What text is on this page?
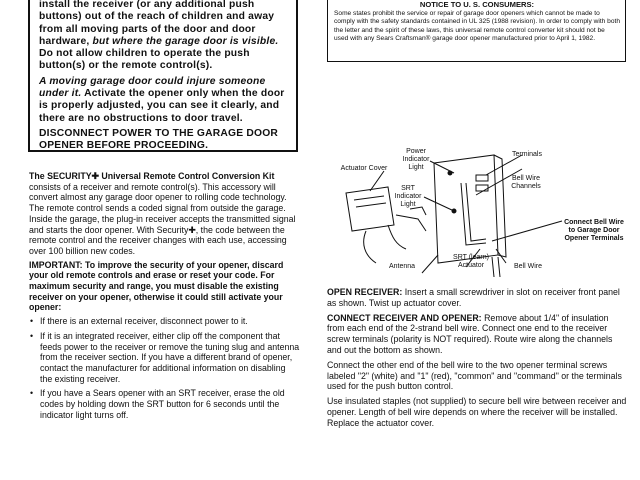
install the receiver (or any additional push buttons) out of the reach of children and away from all moving parts of the door and door hardware, but where the garage door is visible. Do not allow children to operate the push button(s) or the remote control(s).

A moving garage door could injure someone under it. Activate the opener only when the door is properly adjusted, you can see it clearly, and there are no obstructions to door travel.

DISCONNECT POWER TO THE GARAGE DOOR OPENER BEFORE PROCEEDING.

NOTICE TO U. S. CONSUMERS:

Some states prohibit the service or repair of garage door openers which cannot be made to comply with the safety standards contained in UL 325 (1988 revision). In order to comply with both the letter and the spirit of these laws, this universal remote control converter kit should not be used with any Sears Craftsman® garage door opener manufactured prior to April 1, 1982.

The SECURITY✚ Universal Remote Control Conversion Kit consists of a receiver and remote control(s). This accessory will convert almost any garage door opener to rolling code technology. The remote control sends a coded signal from outside the garage. Inside the garage, the plug-in receiver accepts the transmitted signal and starts the door opener. With Security✚, the code between the remote control and the receiver changes with each use, accessing over 100 billion new codes.

IMPORTANT: To improve the security of your opener, discard your old remote controls and erase or reset your code. For maximum security and range, you must disable the existing receiver on your opener, otherwise it could still activate your opener:

• If there is an external receiver, disconnect power to it.
• If it is an integrated receiver, either clip off the component that feeds power to the receiver or remove the tuning slug and antenna from the receiver section. If you have a different brand of opener, contact the manufacturer for additional information on disabling the existing receiver.
• If you have a Sears opener with an SRT receiver, erase the old codes by holding down the SRT button for 6 seconds until the indicator light turns off.
Actuator Cover
Power Indicator Light
Terminals
Bell Wire Channels
SRT Indicator Light
Connect Bell Wire to Garage Door Opener Terminals
Antenna
SRT (learn) Actuator	Bell Wire

OPEN RECEIVER: Insert a small screwdriver in slot on receiver front panel as shown. Twist up actuator cover.

CONNECT RECEIVER AND OPENER: Remove about 1/4" of insulation from each end of the 2-strand bell wire. Connect one end to the receiver screw terminals (polarity is NOT required). Route wire along the channels and out the bottom as shown.

Connect the other end of the bell wire to the two opener terminal screws labeled "2" (white) and "1" (red), "common" and "command" or the terminals used for the push button control.

Use insulated staples (not supplied) to secure bell wire between receiver and opener. Length of bell wire depends on where the receiver will be installed. Replace the actuator cover.
